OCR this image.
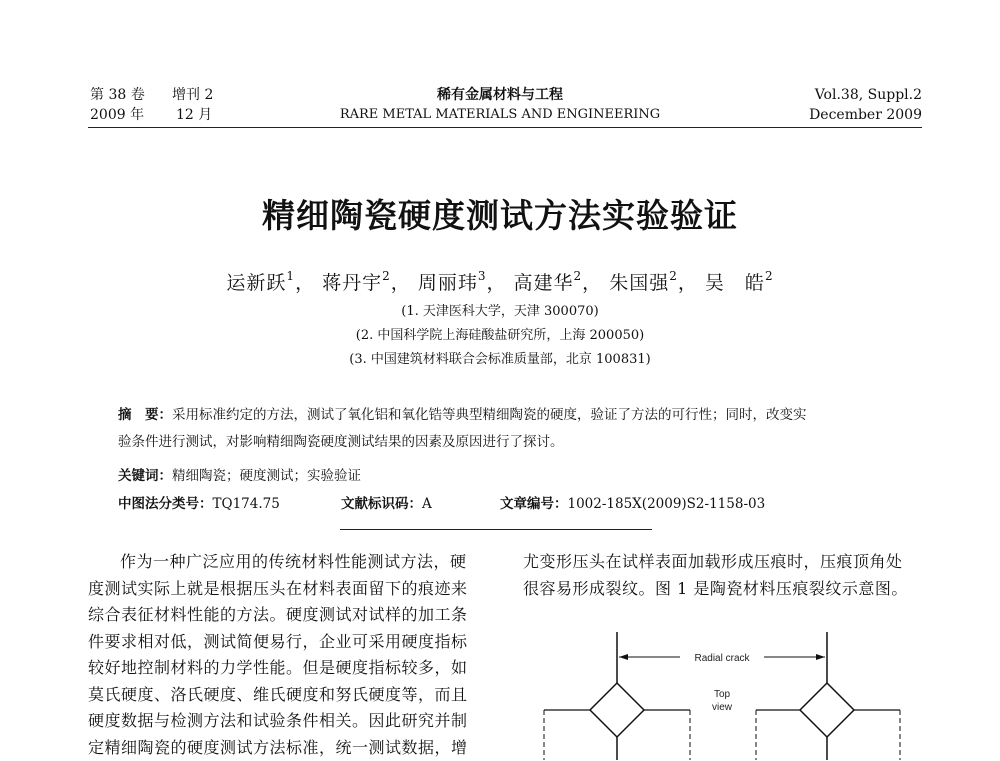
第 38 卷 增刊 2
2009 年 12 月
稀有金属材料与工程
RARE METAL MATERIALS AND ENGINEERING
Vol.38, Suppl.2
December 2009
精细陶瓷硬度测试方法实验验证
运新跃$^1$， 蒋丹宇$^2$， 周丽玮$^3$， 高建华$^2$， 朱国强$^2$， 吴　皓$^2$
(1. 天津医科大学，天津 300070)
(2. 中国科学院上海硅酸盐研究所，上海 200050)
(3. 中国建筑材料联合会标准质量部，北京 100831)
摘　要：采用标准约定的方法，测试了氧化铝和氧化锆等典型精细陶瓷的硬度，验证了方法的可行性；同时，改变实
验条件进行测试，对影响精细陶瓷硬度测试结果的因素及原因进行了探讨。
关键词：精细陶瓷；硬度测试；实验验证
中图法分类号：TQ174.75	文献标识码：A	文章编号：1002-185X(2009)S2-1158-03
作为一种广泛应用的传统材料性能测试方法，硬
度测试实际上就是根据压头在材料表面留下的痕迹来
综合表征材料性能的方法。硬度测试对试样的加工条
件要求相对低，测试简便易行，企业可采用硬度指标
较好地控制材料的力学性能。但是硬度指标较多，如
莫氏硬度、洛氏硬度、维氏硬度和努氏硬度等，而且
硬度数据与检测方法和试验条件相关。因此研究并制
定精细陶瓷的硬度测试方法标准，统一测试数据，增
尤变形压头在试样表面加载形成压痕时，压痕顶角处
很容易形成裂纹。图 1 是陶瓷材料压痕裂纹示意图。
Radial crack
Top
view
